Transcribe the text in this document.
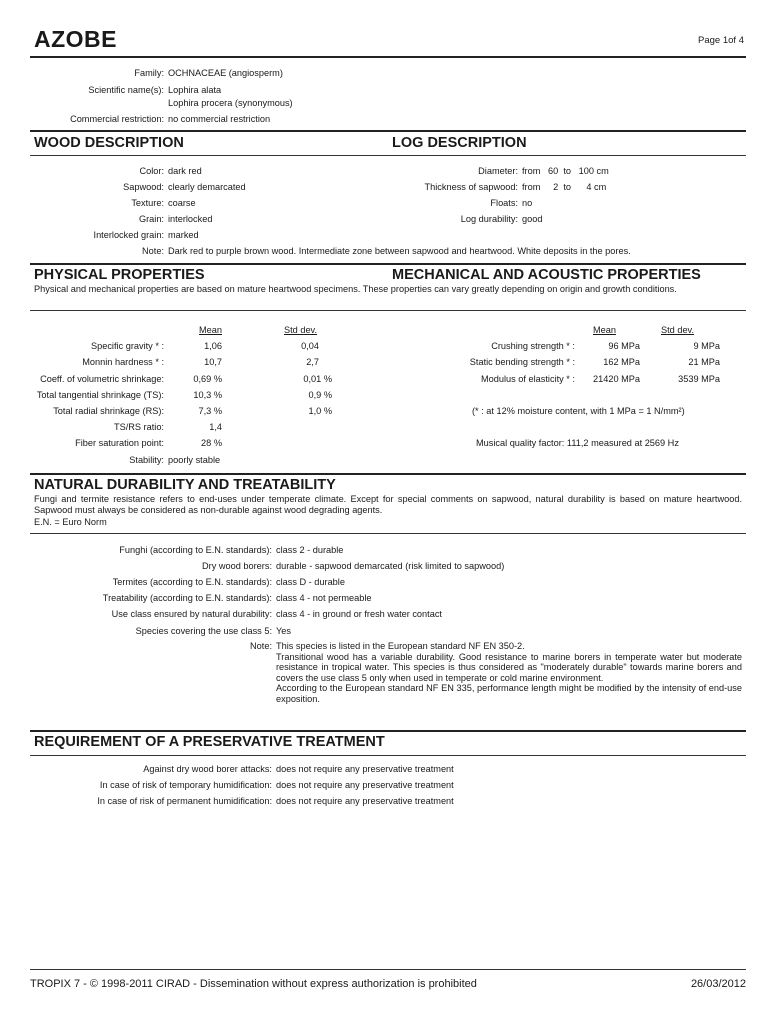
AZOBE	Page 1of 4
Family: OCHNACEAE (angiosperm)
Scientific name(s): Lophira alata
Lophira procera (synonymous)
Commercial restriction: no commercial restriction
WOOD DESCRIPTION	LOG DESCRIPTION
Color: dark red
Sapwood: clearly demarcated
Texture: coarse
Grain: interlocked
Interlocked grain: marked
Note: Dark red to purple brown wood. Intermediate zone between sapwood and heartwood. White deposits in the pores.
Diameter: from   60  to   100 cm
Thickness of sapwood: from     2  to      4 cm
Floats: no
Log durability: good
PHYSICAL PROPERTIES	MECHANICAL AND ACOUSTIC PROPERTIES
Physical and mechanical properties are based on mature heartwood specimens. These properties can vary greatly depending on origin and growth conditions.
Mean	Std dev.
Specific gravity * :	1,06	0,04
Monnin hardness * :	10,7	2,7
Coeff. of volumetric shrinkage:	0,69 %	0,01 %
Total tangential shrinkage (TS):	10,3 %	0,9 %
Total radial shrinkage (RS):	7,3 %	1,0 %
TS/RS ratio:	1,4
Fiber saturation point:	28 %
Stability: poorly stable
Mean	Std dev.
Crushing strength * :	96 MPa	9 MPa
Static bending strength * :	162 MPa	21 MPa
Modulus of elasticity * : 21420 MPa	3539 MPa
(* : at 12% moisture content, with 1 MPa = 1 N/mm²)
Musical quality factor: 111,2 measured at 2569 Hz
NATURAL DURABILITY AND TREATABILITY
Fungi and termite resistance refers to end-uses under temperate climate. Except for special comments on sapwood, natural durability is based on mature heartwood. Sapwood must always be considered as non-durable against wood degrading agents.
E.N. = Euro Norm
Funghi (according to E.N. standards): class 2 - durable
Dry wood borers: durable - sapwood demarcated (risk limited to sapwood)
Termites (according to E.N. standards): class D - durable
Treatability (according to E.N. standards): class 4 - not permeable
Use class ensured by natural durability: class 4 - in ground or fresh water contact
Species covering the use class 5: Yes
Note: This species is listed in the European standard NF EN 350-2.
Transitional wood has a variable durability. Good resistance to marine borers in temperate water but moderate resistance in tropical water. This species is thus considered as "moderately durable" towards marine borers and covers the use class 5 only when used in temperate or cold marine environment.
According to the European standard NF EN 335, performance length might be modified by the intensity of end-use exposition.
REQUIREMENT OF A PRESERVATIVE TREATMENT
Against dry wood borer attacks: does not require any preservative treatment
In case of risk of temporary humidification: does not require any preservative treatment
In case of risk of permanent humidification: does not require any preservative treatment
TROPIX 7 - © 1998-2011 CIRAD - Dissemination without express authorization is prohibited	26/03/2012
